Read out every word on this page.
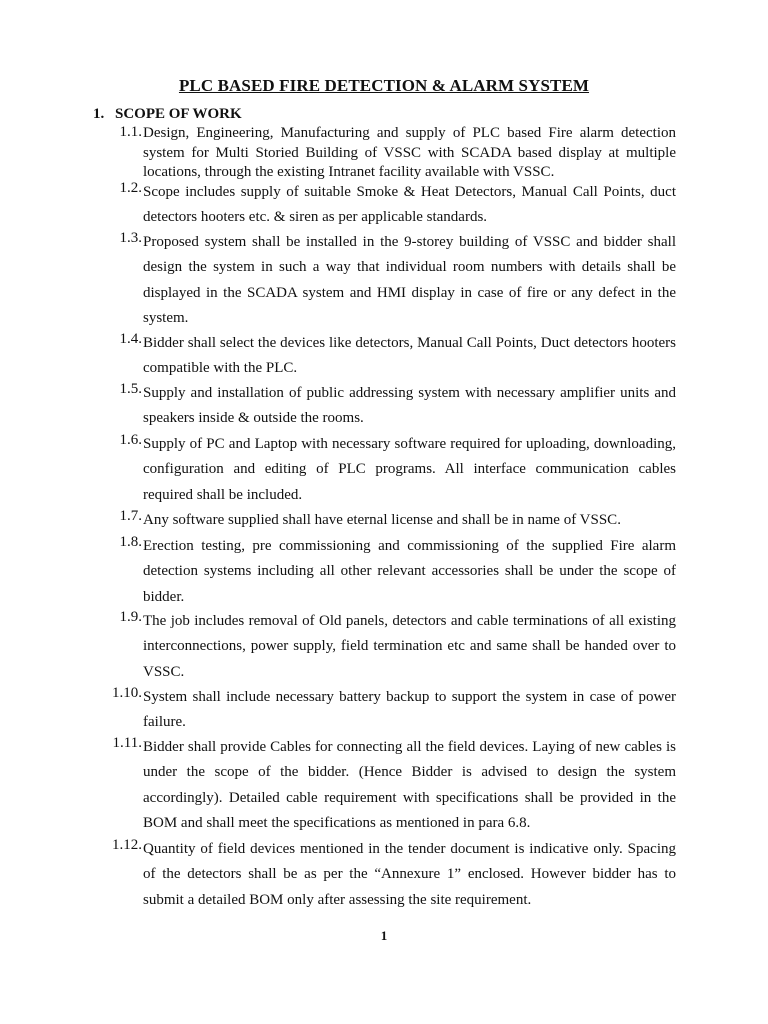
PLC BASED FIRE DETECTION & ALARM SYSTEM
1. SCOPE OF WORK
1.1. Design, Engineering, Manufacturing and supply of PLC based Fire alarm detection system for Multi Storied Building of VSSC with SCADA based display at multiple locations, through the existing Intranet facility available with VSSC.
1.2. Scope includes supply of suitable Smoke & Heat Detectors, Manual Call Points, duct detectors hooters etc. & siren as per applicable standards.
1.3. Proposed system shall be installed in the 9-storey building of VSSC and bidder shall design the system in such a way that individual room numbers with details shall be displayed in the SCADA system and HMI display in case of fire or any defect in the system.
1.4. Bidder shall select the devices like detectors, Manual Call Points, Duct detectors hooters compatible with the PLC.
1.5. Supply and installation of public addressing system with necessary amplifier units and speakers inside & outside the rooms.
1.6. Supply of PC and Laptop with necessary software required for uploading, downloading, configuration and editing of PLC programs. All interface communication cables required shall be included.
1.7. Any software supplied shall have eternal license and shall be in name of VSSC.
1.8. Erection testing, pre commissioning and commissioning of the supplied Fire alarm detection systems including all other relevant accessories shall be under the scope of bidder.
1.9. The job includes removal of Old panels, detectors and cable terminations of all existing interconnections, power supply, field termination etc and same shall be handed over to VSSC.
1.10. System shall include necessary battery backup to support the system in case of power failure.
1.11. Bidder shall provide Cables for connecting all the field devices. Laying of new cables is under the scope of the bidder. (Hence Bidder is advised to design the system accordingly). Detailed cable requirement with specifications shall be provided in the BOM and shall meet the specifications as mentioned in para 6.8.
1.12. Quantity of field devices mentioned in the tender document is indicative only. Spacing of the detectors shall be as per the “Annexure 1” enclosed. However bidder has to submit a detailed BOM only after assessing the site requirement.
1
